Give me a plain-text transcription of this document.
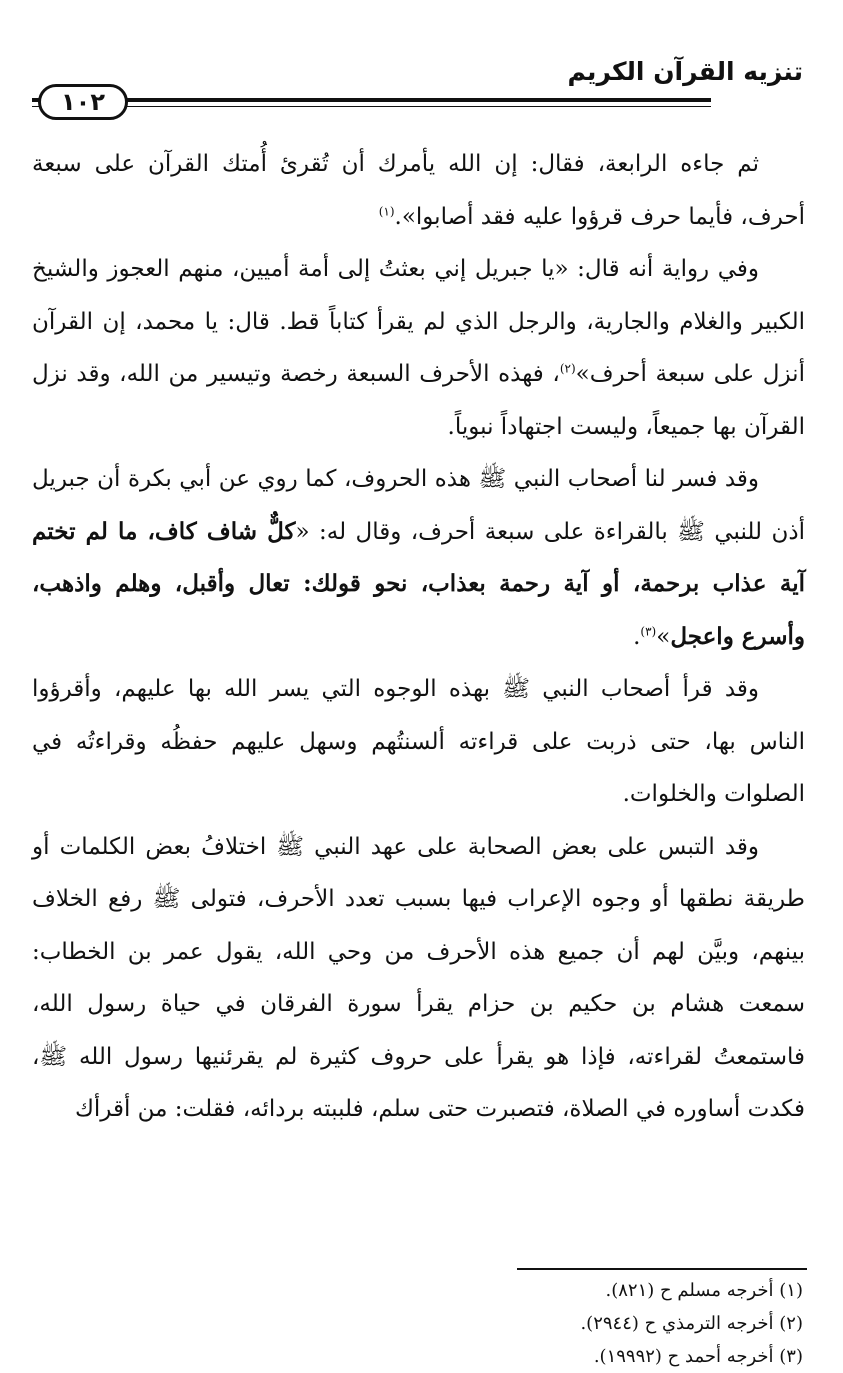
تنزيه القرآن الكريم
١٠٢

ثم جاءه الرابعة، فقال: إن الله يأمرك أن تُقرئ أُمتك القرآن على سبعة أحرف، فأيما حرف قرؤوا عليه فقد أصابوا».$^{(١)}$

وفي رواية أنه قال: «يا جبريل إني بعثتُ إلى أمة أميين، منهم العجوز والشيخ الكبير والغلام والجارية، والرجل الذي لم يقرأ كتاباً قط. قال: يا محمد، إن القرآن أنزل على سبعة أحرف»$^{(٢)}$، فهذه الأحرف السبعة رخصة وتيسير من الله، وقد نزل القرآن بها جميعاً، وليست اجتهاداً نبوياً.

وقد فسر لنا أصحاب النبي ﷺ هذه الحروف، كما روي عن أبي بكرة أن جبريل أذن للنبي ﷺ بالقراءة على سبعة أحرف، وقال له: «كلٌّ شاف كاف، ما لم تختم آية عذاب برحمة، أو آية رحمة بعذاب، نحو قولك: تعال وأقبل، وهلم واذهب، وأسرع واعجل»$^{(٣)}$.

وقد قرأ أصحاب النبي ﷺ بهذه الوجوه التي يسر الله بها عليهم، وأقرؤوا الناس بها، حتى ذربت على قراءته ألسنتُهم وسهل عليهم حفظُه وقراءتُه في الصلوات والخلوات.

وقد التبس على بعض الصحابة على عهد النبي ﷺ اختلافُ بعض الكلمات أو طريقة نطقها أو وجوه الإعراب فيها بسبب تعدد الأحرف، فتولى ﷺ رفع الخلاف بينهم، وبيَّن لهم أن جميع هذه الأحرف من وحي الله، يقول عمر بن الخطاب: سمعت هشام بن حكيم بن حزام يقرأ سورة الفرقان في حياة رسول الله، فاستمعتُ لقراءته، فإذا هو يقرأ على حروف كثيرة لم يقرئنيها رسول الله ﷺ، فكدت أساوره في الصلاة، فتصبرت حتى سلم، فلببته بردائه، فقلت: من أقرأك

(١) أخرجه مسلم ح (٨٢١).
(٢) أخرجه الترمذي ح (٢٩٤٤).
(٣) أخرجه أحمد ح (١٩٩٩٢).
